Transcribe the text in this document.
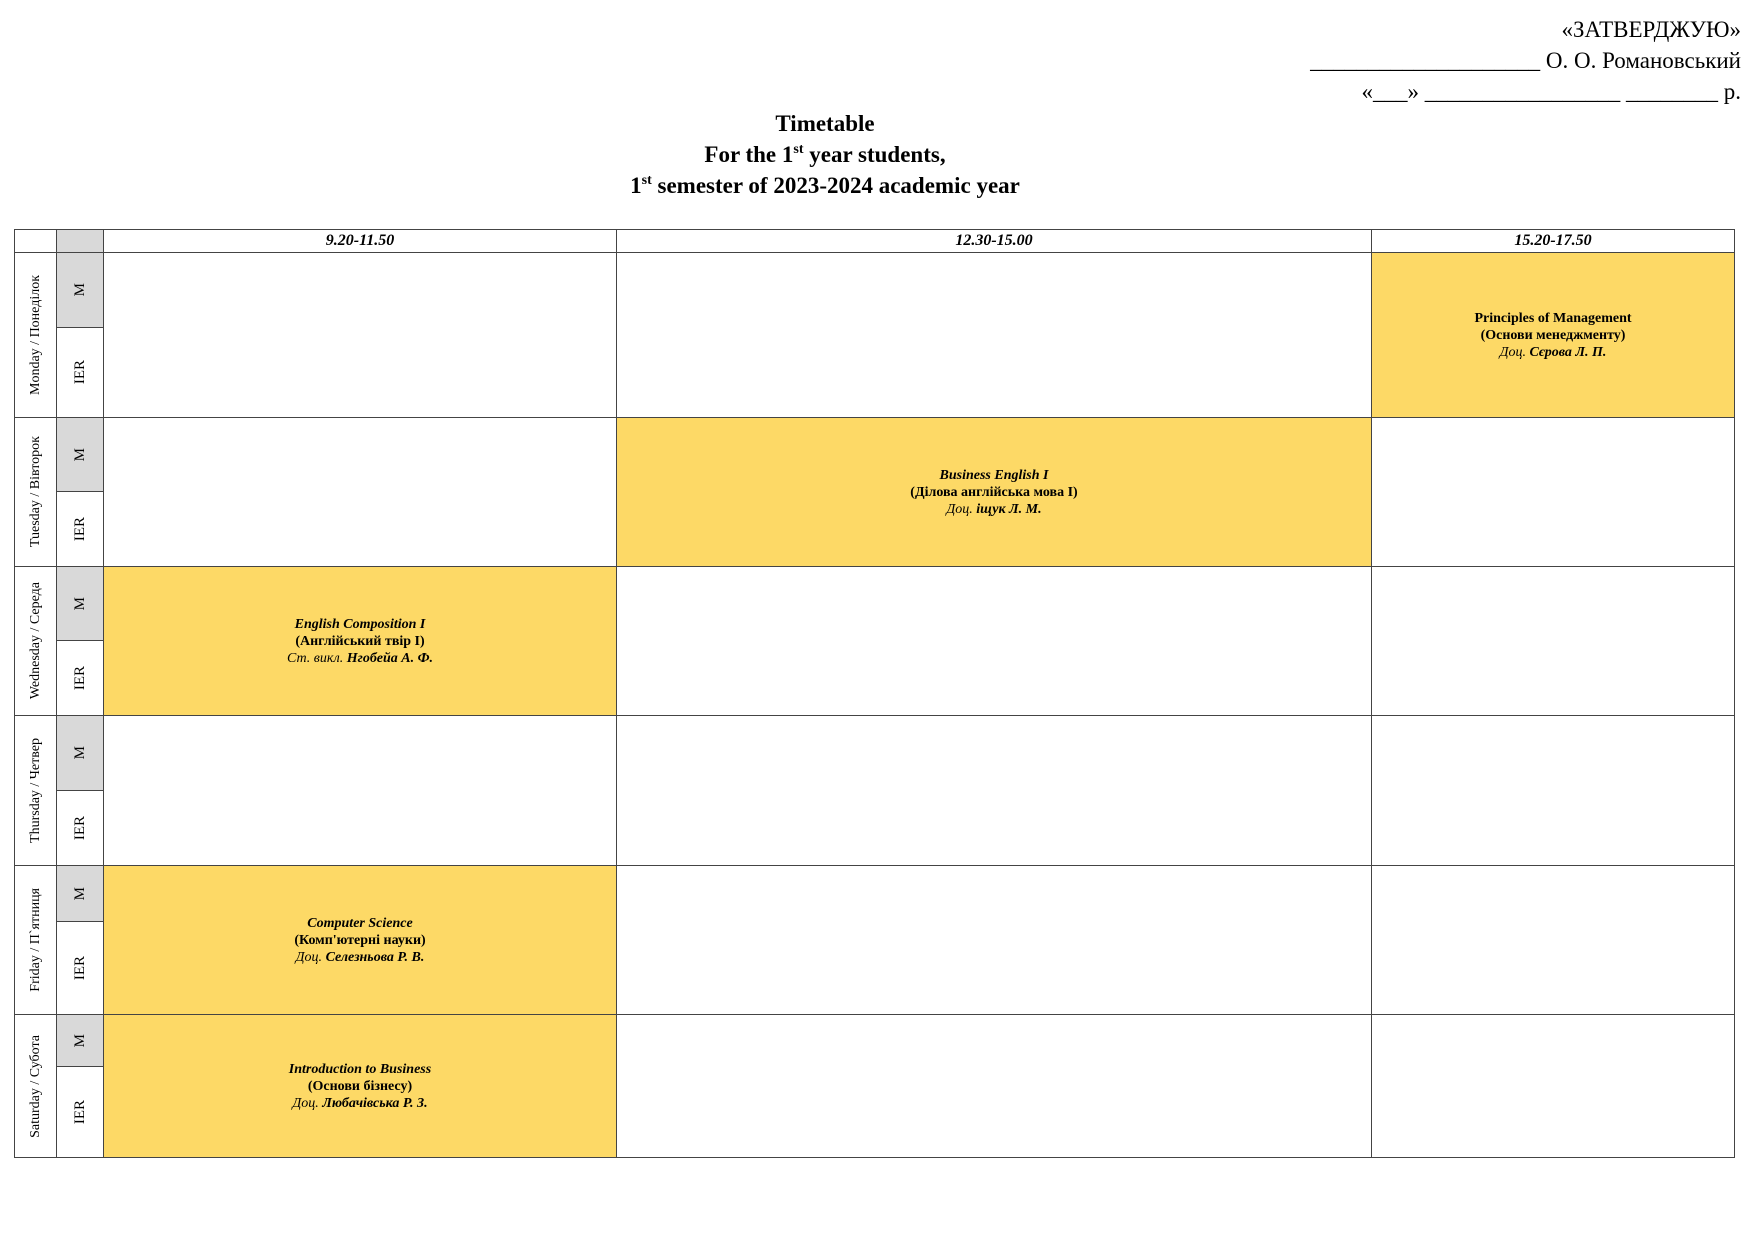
«ЗАТВЕРДЖУЮ»
____________________ О. О. Романовський
«___» _________________ ________ р.
Timetable
For the 1st year students,
1st semester of 2023-2024 academic year
9.20-11.50	12.30-15.00	15.20-17.50
Monday / Понеділок M
IER
Principles of Management
(Основи менеджменту)
Доц. Сєрова Л. П.
Tuesday / Вівторок M
IER
Business English I
(Ділова англійська мова І)
Доц. іщук Л. М.
Wednesday / Середа M
IER
English Composition I
(Англійський твір І)
Ст. викл. Нгобейа А. Ф.
Thursday / Четвер M
IER
Friday / П`ятниця M
IER
Computer Science
(Комп'ютерні науки)
Доц. Селезньова Р. В.
Saturday / Субота M
IER
Introduction to Business
(Основи бізнесу)
Доц. Любачівська Р. З.
